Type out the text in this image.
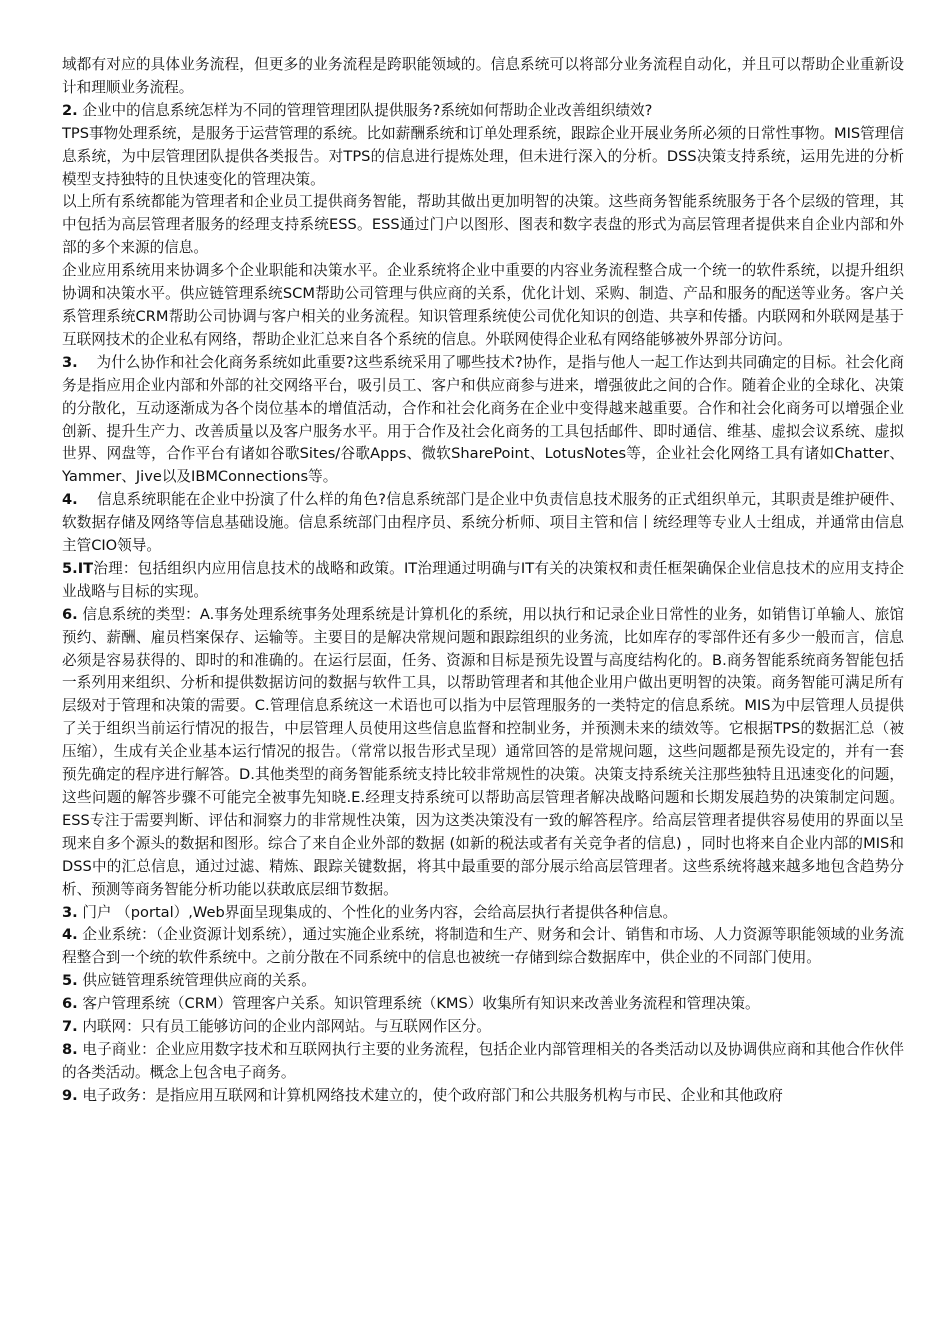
域都有对应的具体业务流程，但更多的业务流程是跨职能领域的。信息系统可以将部分业务流程自动化，并且可以帮助企业重新设计和理顺业务流程。

2. 企业中的信息系统怎样为不同的管理管理团队提供服务?系统如何帮助企业改善组织绩效?

TPS事物处理系统，是服务于运营管理的系统。比如薪酬系统和订单处理系统，跟踪企业开展业务所必须的日常性事物。MIS管理信息系统，为中层管理团队提供各类报告。对TPS的信息进行提炼处理，但未进行深入的分析。DSS决策支持系统，运用先进的分析模型支持独特的且快速变化的管理决策。

以上所有系统都能为管理者和企业员工提供商务智能，帮助其做出更加明智的决策。这些商务智能系统服务于各个层级的管理，其中包括为高层管理者服务的经理支持系统ESS。ESS通过门户以图形、图表和数字表盘的形式为高层管理者提供来自企业内部和外部的多个来源的信息。

企业应用系统用来协调多个企业职能和决策水平。企业系统将企业中重要的内容业务流程整合成一个统一的软件系统，以提升组织协调和决策水平。供应链管理系统SCM帮助公司管理与供应商的关系，优化计划、采购、制造、产品和服务的配送等业务。客户关系管理系统CRM帮助公司协调与客户相关的业务流程。知识管理系统使公司优化知识的创造、共享和传播。内联网和外联网是基于互联网技术的企业私有网络，帮助企业汇总来自各个系统的信息。外联网使得企业私有网络能够被外界部分访问。

3.    为什么协作和社会化商务系统如此重要?这些系统采用了哪些技术?协作，是指与他人一起工作达到共同确定的目标。社会化商务是指应用企业内部和外部的社交网络平台，吸引员工、客户和供应商参与进来，增强彼此之间的合作。随着企业的全球化、决策的分散化，互动逐渐成为各个岗位基本的增值活动，合作和社会化商务在企业中变得越来越重要。合作和社会化商务可以增强企业创新、提升生产力、改善质量以及客户服务水平。用于合作及社会化商务的工具包括邮件、即时通信、维基、虚拟会议系统、虚拟世界、网盘等，合作平台有诸如谷歌Sites/谷歌Apps、微软SharePoint、LotusNotes等，企业社会化网络工具有诸如Chatter、Yammer、Jive以及IBMConnections等。

4.    信息系统职能在企业中扮演了什么样的角色?信息系统部门是企业中负责信息技术服务的正式组织单元，其职责是维护硬件、软数据存储及网络等信息基础设施。信息系统部门由程序员、系统分析师、项目主管和信丨统经理等专业人士组成，并通常由信息主管CIO领导。

5.IT治理：包括组织内应用信息技术的战略和政策。IT治理通过明确与IT有关的决策权和责任框架确保企业信息技术的应用支持企业战略与目标的实现。

6. 信息系统的类型：A.事务处理系统事务处理系统是计算机化的系统，用以执行和记录企业日常性的业务，如销售订单输人、旅馆预约、薪酬、雇员档案保存、运输等。主要目的是解决常规问题和跟踪组织的业务流，比如库存的零部件还有多少一般而言，信息必须是容易获得的、即时的和准确的。在运行层面，任务、资源和目标是预先设置与高度结构化的。B.商务智能系统商务智能包括一系列用来组织、分析和提供数据访问的数据与软件工具，以帮助管理者和其他企业用户做出更明智的决策。商务智能可满足所有层级对于管理和决策的需要。C.管理信息系统这一术语也可以指为中层管理服务的一类特定的信息系统。MIS为中层管理人员提供了关于组织当前运行情况的报告，中层管理人员使用这些信息监督和控制业务，并预测未来的绩效等。它根据TPS的数据汇总（被压缩），生成有关企业基本运行情况的报告。（常常以报告形式呈现）通常回答的是常规问题，这些问题都是预先设定的，并有一套预先确定的程序进行解答。D.其他类型的商务智能系统支持比较非常规性的决策。决策支持系统关注那些独特且迅速变化的问题，这些问题的解答步骤不可能完全被事先知晓.E.经理支持系统可以帮助高层管理者解决战略问题和长期发展趋势的决策制定问题。ESS专注于需要判断、评估和洞察力的非常规性决策，因为这类决策没有一致的解答程序。给高层管理者提供容易使用的界面以呈现来自多个源头的数据和图形。综合了来自企业外部的数据 (如新的税法或者有关竞争者的信息) ，同时也将来自企业内部的MIS和DSS中的汇总信息，通过过滤、精炼、跟踪关键数据，将其中最重要的部分展示给高层管理者。这些系统将越来越多地包含趋势分析、预测等商务智能分析功能以获敢底层细节数据。

3. 门户 （portal）,Web界面呈现集成的、个性化的业务内容，会给高层执行者提供各种信息。

4. 企业系统：（企业资源计划系统），通过实施企业系统，将制造和生产、财务和会计、销售和市场、人力资源等职能领域的业务流程整合到一个统的软件系统中。之前分散在不同系统中的信息也被统一存储到综合数据库中，供企业的不同部门使用。

5. 供应链管理系统管理供应商的关系。

6. 客户管理系统（CRM）管理客户关系。知识管理系统（KMS）收集所有知识来改善业务流程和管理决策。

7. 内联网：只有员工能够访问的企业内部网站。与互联网作区分。

8. 电子商业：企业应用数字技术和互联网执行主要的业务流程，包括企业内部管理相关的各类活动以及协调供应商和其他合作伙伴的各类活动。概念上包含电子商务。

9. 电子政务：是指应用互联网和计算机网络技术建立的，使个政府部门和公共服务机构与市民、企业和其他政府
